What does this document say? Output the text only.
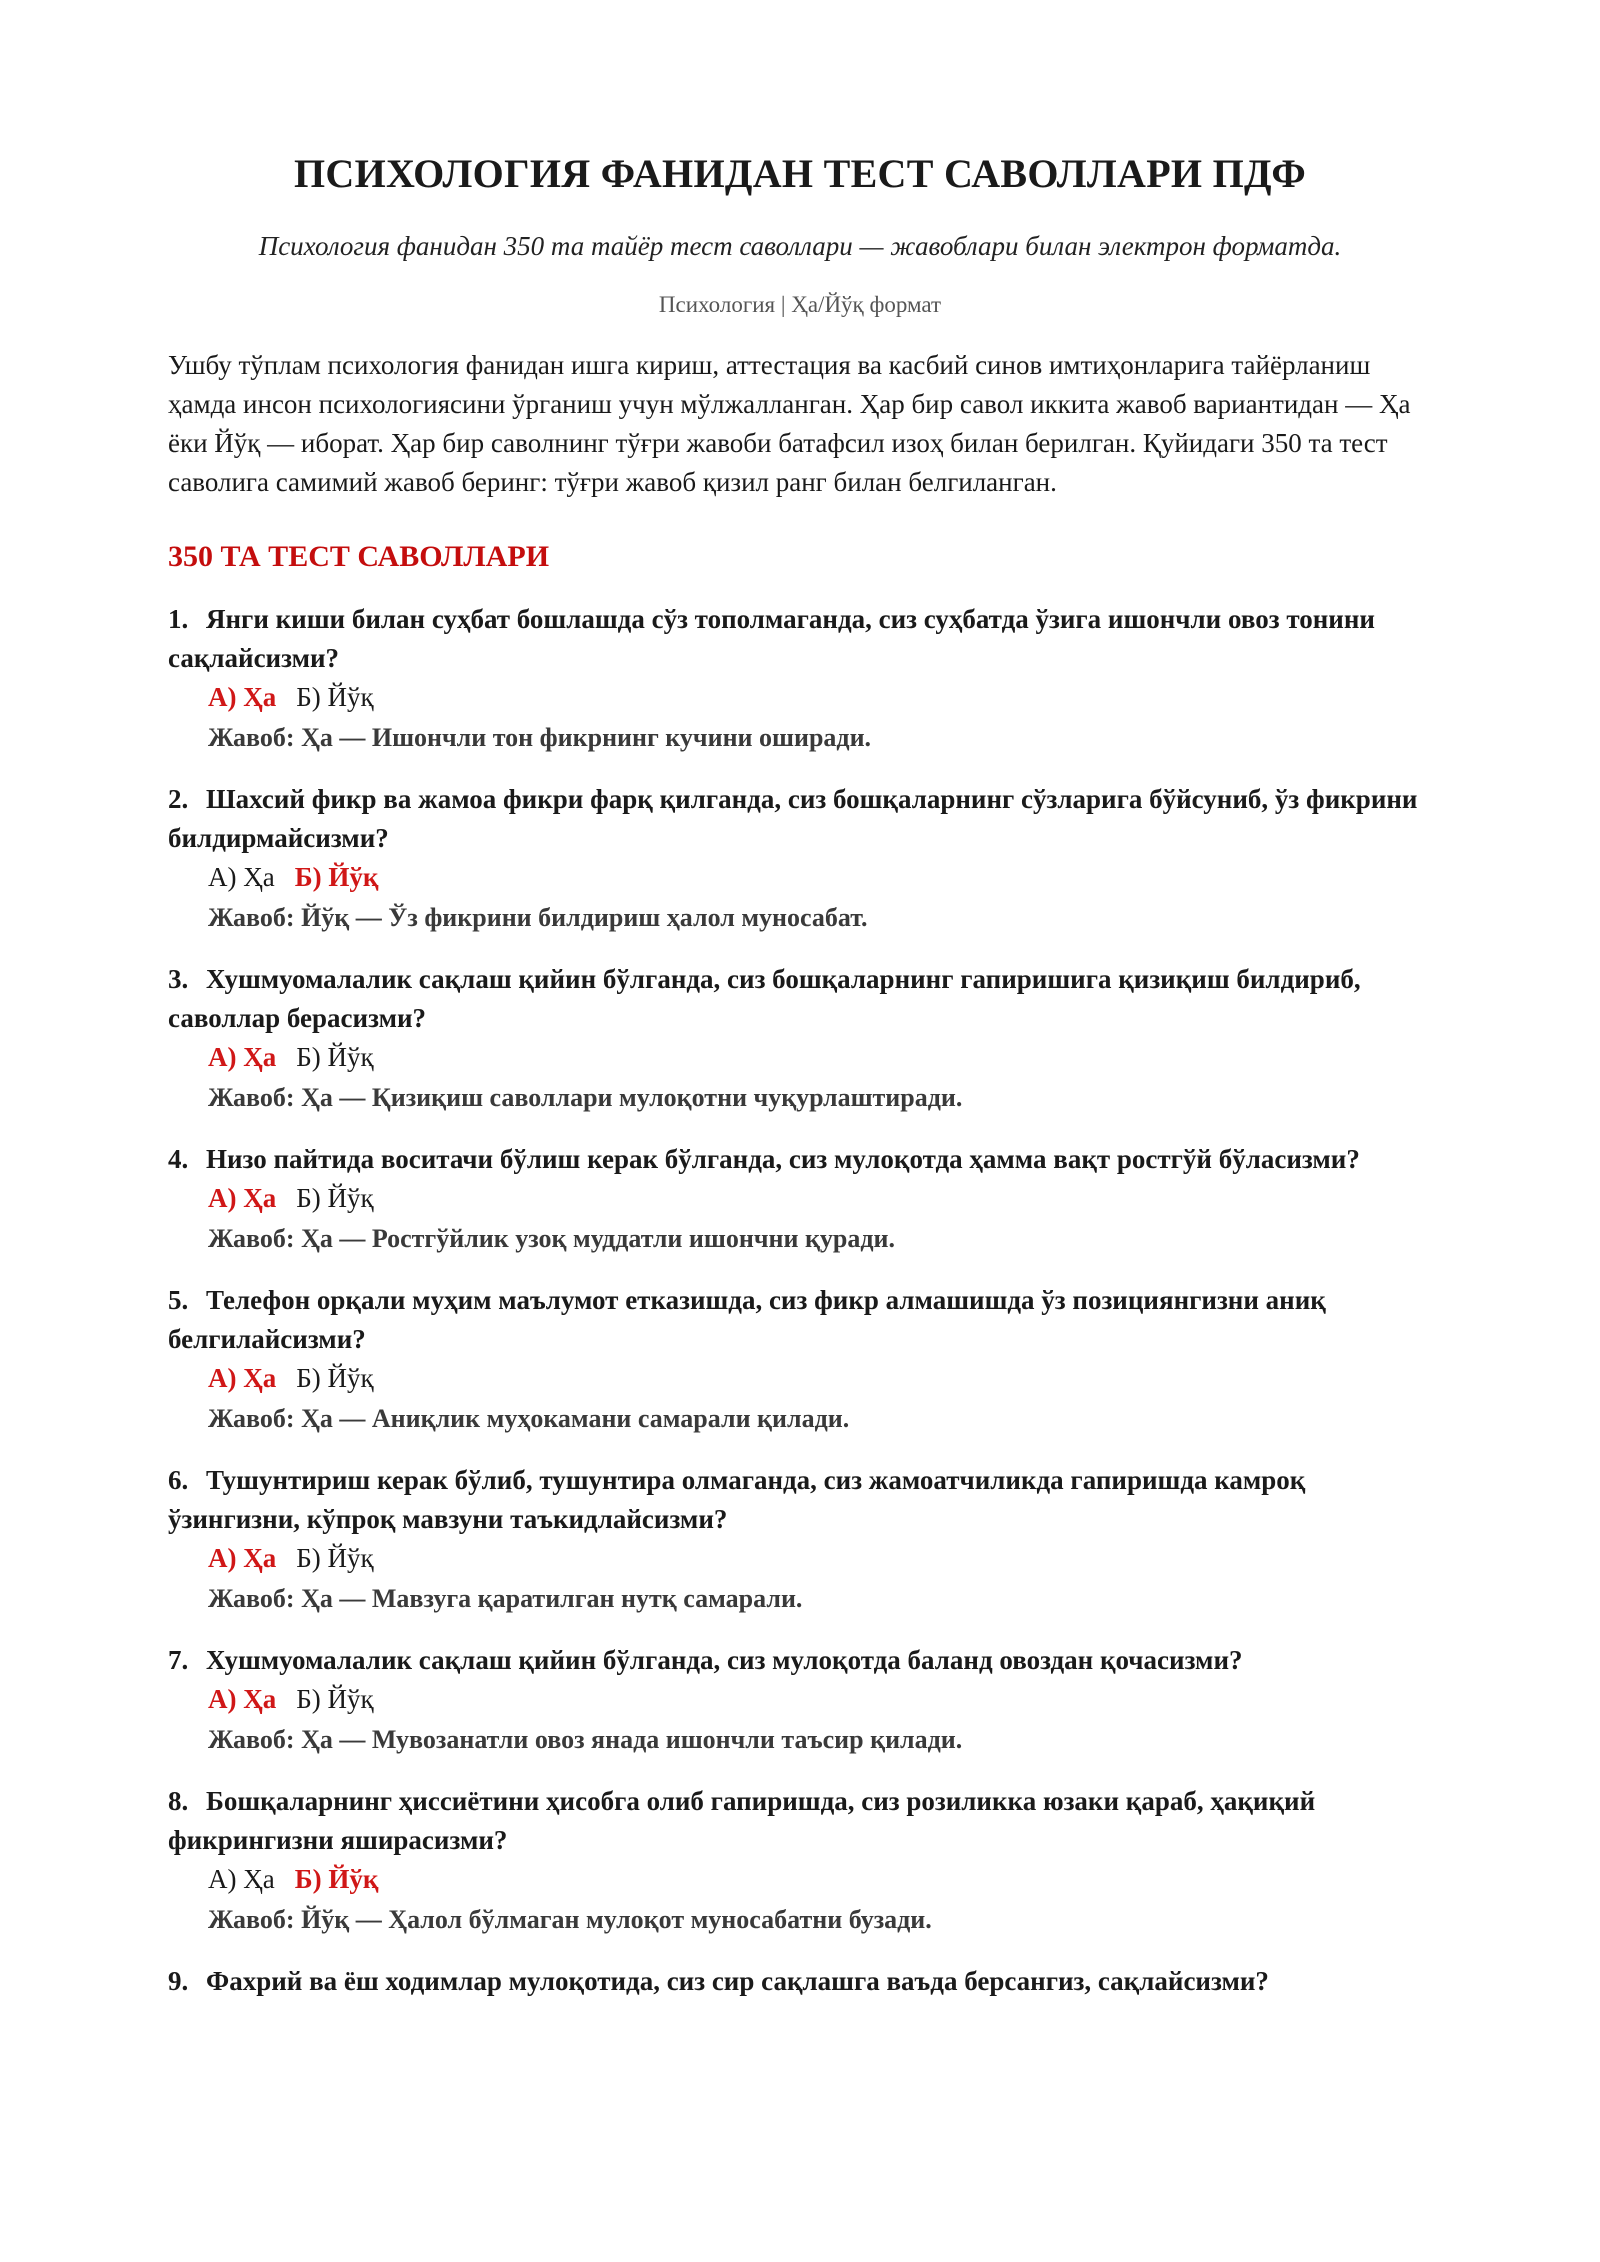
ПСИХОЛОГИЯ ФАНИДАН ТЕСТ САВОЛЛАРИ ПДФ
Психология фанидан 350 та тайёр тест саволлари — жавоблари билан электрон форматда.
Психология | Ҳа/Йўқ формат

Ушбу тўплам психология фанидан ишга кириш, аттестация ва касбий синов имтиҳонларига тайёрланиш ҳамда инсон психологиясини ўрганиш учун мўлжалланган. Ҳар бир савол иккита жавоб вариантидан — Ҳа ёки Йўқ — иборат. Ҳар бир саволнинг тўғри жавоби батафсил изоҳ билан берилган. Қуйидаги 350 та тест саволига самимий жавоб беринг: тўғри жавоб қизил ранг билан белгиланган.

350 ТА ТЕСТ САВОЛЛАРИ
1. Янги киши билан суҳбат бошлашда сўз тополмаганда, сиз суҳбатда ўзига ишончли овоз тонини сақлайсизми?
А) Ҳа Б) Йўқ
Жавоб: Ҳа — Ишончли тон фикрнинг кучини оширади.
2. Шахсий фикр ва жамоа фикри фарқ қилганда, сиз бошқаларнинг сўзларига бўйсуниб, ўз фикрини билдирмайсизми?
А) Ҳа Б) Йўқ
Жавоб: Йўқ — Ўз фикрини билдириш ҳалол муносабат.
3. Хушмуомалалик сақлаш қийин бўлганда, сиз бошқаларнинг гапиришига қизиқиш билдириб, саволлар берасизми?
А) Ҳа Б) Йўқ
Жавоб: Ҳа — Қизиқиш саволлари мулоқотни чуқурлаштиради.
4. Низо пайтида воситачи бўлиш керак бўлганда, сиз мулоқотда ҳамма вақт ростгўй бўласизми?
А) Ҳа Б) Йўқ
Жавоб: Ҳа — Ростгўйлик узоқ муддатли ишончни қуради.
5. Телефон орқали муҳим маълумот етказишда, сиз фикр алмашишда ўз позициянгизни аниқ белгилайсизми?
А) Ҳа Б) Йўқ
Жавоб: Ҳа — Аниқлик муҳокамани самарали қилади.
6. Тушунтириш керак бўлиб, тушунтира олмаганда, сиз жамоатчиликда гапиришда камроқ ўзингизни, кўпроқ мавзуни таъкидлайсизми?
А) Ҳа Б) Йўқ
Жавоб: Ҳа — Мавзуга қаратилган нутқ самарали.
7. Хушмуомалалик сақлаш қийин бўлганда, сиз мулоқотда баланд овоздан қочасизми?
А) Ҳа Б) Йўқ
Жавоб: Ҳа — Мувозанатли овоз янада ишончли таъсир қилади.
8. Бошқаларнинг ҳиссиётини ҳисобга олиб гапиришда, сиз розиликка юзаки қараб, ҳақиқий фикрингизни яширасизми?
А) Ҳа Б) Йўқ
Жавоб: Йўқ — Ҳалол бўлмаган мулоқот муносабатни бузади.
9. Фахрий ва ёш ходимлар мулоқотида, сиз сир сақлашга ваъда берсангиз, сақлайсизми?
